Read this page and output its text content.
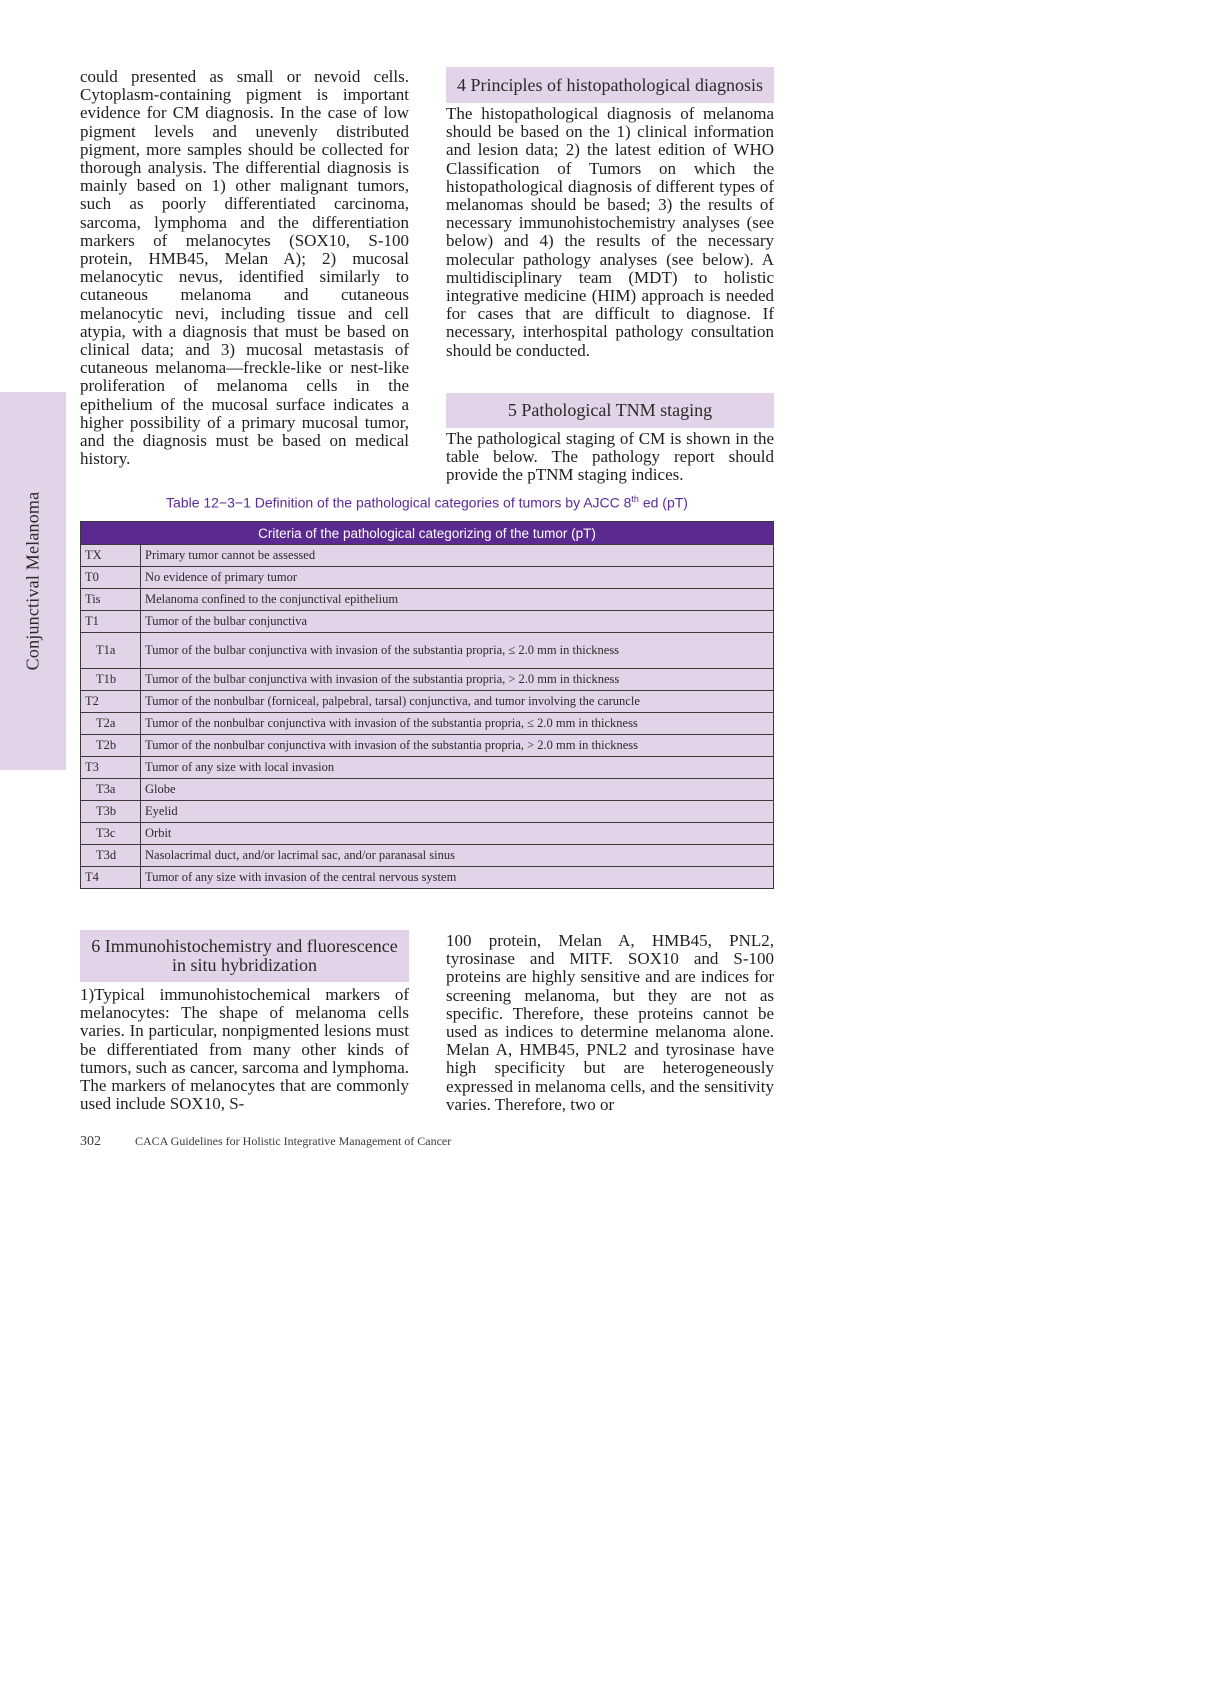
Conjunctival Melanoma

could presented as small or nevoid cells. Cytoplasm-containing pigment is important evidence for CM diagnosis. In the case of low pigment levels and unevenly distributed pigment, more samples should be collected for thorough analysis. The differential diagnosis is mainly based on 1) other malignant tumors, such as poorly differentiated carcinoma, sarcoma, lymphoma and the differentiation markers of melanocytes (SOX10, S-100 protein, HMB45, Melan A); 2) mucosal melanocytic nevus, identified similarly to cutaneous melanoma and cutaneous melanocytic nevi, including tissue and cell atypia, with a diagnosis that must be based on clinical data; and 3) mucosal metastasis of cutaneous melanoma—freckle-like or nest-like proliferation of melanoma cells in the epithelium of the mucosal surface indicates a higher possibility of a primary mucosal tumor, and the diagnosis must be based on medical history.

4 Principles of histopathological diagnosis

The histopathological diagnosis of melanoma should be based on the 1) clinical information and lesion data; 2) the latest edition of WHO Classification of Tumors on which the histopathological diagnosis of different types of melanomas should be based; 3) the results of necessary immunohistochemistry analyses (see below) and 4) the results of the necessary molecular pathology analyses (see below). A multidisciplinary team (MDT) to holistic integrative medicine (HIM) approach is needed for cases that are difficult to diagnose. If necessary, interhospital pathology consultation should be conducted.

5 Pathological TNM staging

The pathological staging of CM is shown in the table below. The pathology report should provide the pTNM staging indices.

Table 12−3−1 Definition of the pathological categories of tumors by AJCC 8th ed (pT)
Criteria of the pathological categorizing of the tumor (pT)	
TX	Primary tumor cannot be assessed
T0	No evidence of primary tumor
Tis	Melanoma confined to the conjunctival epithelium
T1	Tumor of the bulbar conjunctiva
T1a	Tumor of the bulbar conjunctiva with invasion of the substantia propria, ≤ 2.0 mm in thickness
T1b	Tumor of the bulbar conjunctiva with invasion of the substantia propria, > 2.0 mm in thickness
T2	Tumor of the nonbulbar (forniceal, palpebral, tarsal) conjunctiva, and tumor involving the caruncle
T2a	Tumor of the nonbulbar conjunctiva with invasion of the substantia propria, ≤ 2.0 mm in thickness
T2b	Tumor of the nonbulbar conjunctiva with invasion of the substantia propria, > 2.0 mm in thickness
T3	Tumor of any size with local invasion
T3a	Globe
T3b	Eyelid
T3c	Orbit
T3d	Nasolacrimal duct, and/or lacrimal sac, and/or paranasal sinus
T4	Tumor of any size with invasion of the central nervous system
6 Immunohistochemistry and fluorescence
in situ hybridization

1)Typical immunohistochemical markers of melanocytes: The shape of melanoma cells varies. In particular, nonpigmented lesions must be differentiated from many other kinds of tumors, such as cancer, sarcoma and lymphoma. The markers of melanocytes that are commonly used include SOX10, S-

100 protein, Melan A, HMB45, PNL2, tyrosinase and MITF. SOX10 and S-100 proteins are highly sensitive and are indices for screening melanoma, but they are not as specific. Therefore, these proteins cannot be used as indices to determine melanoma alone. Melan A, HMB45, PNL2 and tyrosinase have high specificity but are heterogeneously expressed in melanoma cells, and the sensitivity varies. Therefore, two or

302	CACA Guidelines for Holistic Integrative Management of Cancer
